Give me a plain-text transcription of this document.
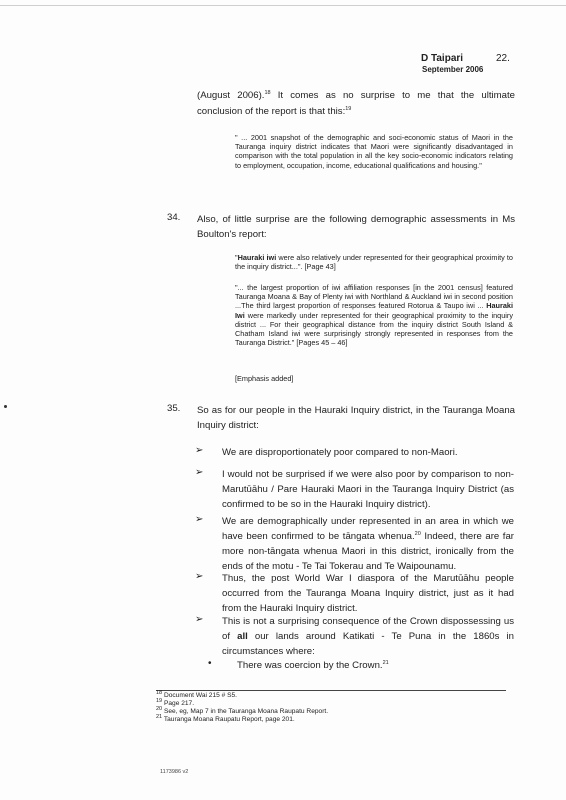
D Taipari	22.
September 2006
(August 2006).$^{18}$ It comes as no surprise to me that the ultimate
conclusion of the report is that this:$^{19}$
" ... 2001 snapshot of the demographic and soci-economic status of Maori in the Tauranga inquiry district indicates that Maori were significantly disadvantaged in comparison with the total population in all the key socio-economic indicators relating to employment, occupation, income, educational qualifications and housing."
34. Also, of little surprise are the following demographic assessments in Ms Boulton's report:
"Hauraki iwi were also relatively under represented for their geographical proximity to the inquiry district...". [Page 43]
"... the largest proportion of iwi affiliation responses [in the 2001 census] featured Tauranga Moana & Bay of Plenty iwi with Northland & Auckland iwi in second position ...The third largest proportion of responses featured Rotorua & Taupo iwi ... Hauraki Iwi were markedly under represented for their geographical proximity to the inquiry district ... For their geographical distance from the inquiry district South Island & Chatham Island iwi were surprisingly strongly represented in responses from the Tauranga District." [Pages 45 – 46]
[Emphasis added]
35. So as for our people in the Hauraki Inquiry district, in the Tauranga Moana Inquiry district:
➢ We are disproportionately poor compared to non-Maori.
➢ I would not be surprised if we were also poor by comparison to non-Marutūāhu / Pare Hauraki Maori in the Tauranga Inquiry District (as confirmed to be so in the Hauraki Inquiry district).
➢ We are demographically under represented in an area in which we have been confirmed to be tāngata whenua.$^{20}$ Indeed, there are far more non-tāngata whenua Maori in this district, ironically from the ends of the motu - Te Tai Tokerau and Te Waipounamu.
➢ Thus, the post World War I diaspora of the Marutūāhu people occurred from the Tauranga Moana Inquiry district, just as it had from the Hauraki Inquiry district.
➢ This is not a surprising consequence of the Crown dispossessing us of all our lands around Katikati - Te Puna in the 1860s in circumstances where:
•	There was coercion by the Crown.$^{21}$
$^{18}$ Document Wai 215 # S5.
$^{19}$ Page 217.
$^{20}$ See, eg, Map 7 in the Tauranga Moana Raupatu Report.
$^{21}$ Tauranga Moana Raupatu Report, page 201.
1173986 v2
